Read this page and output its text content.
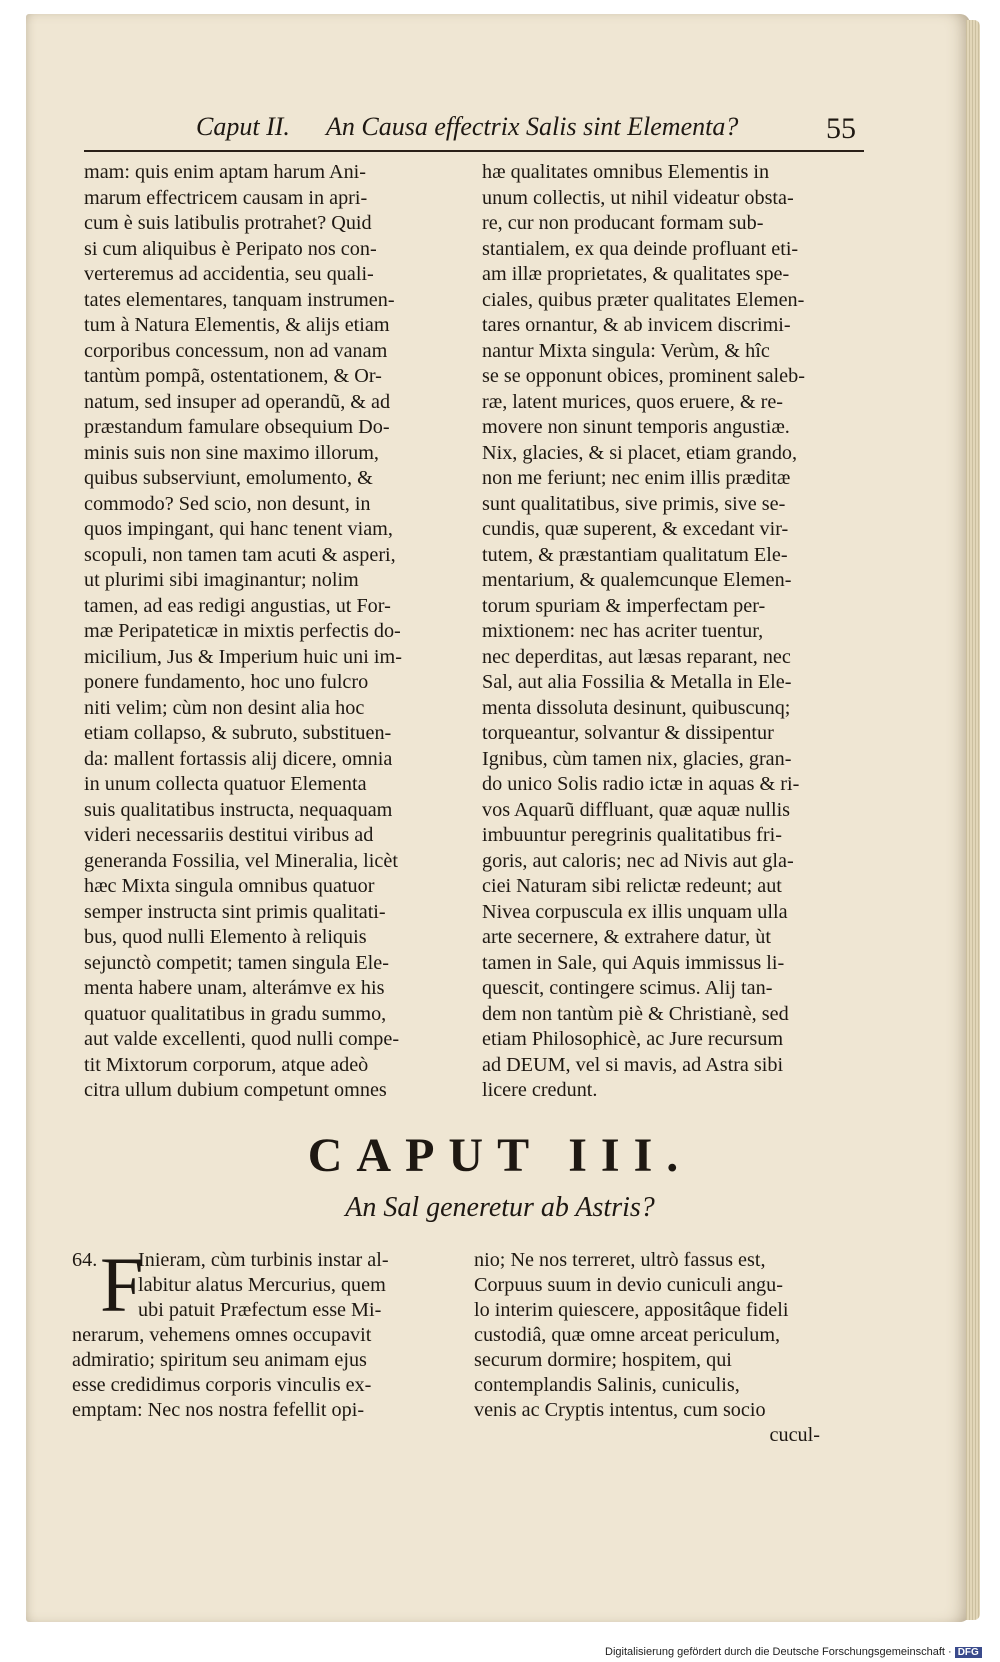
Caput II. An Causa effectrix Salis sint Elementa?	55
mam: quis enim aptam harum Ani-
marum effectricem causam in apri-
cum è suis latibulis protrahet? Quid
si cum aliquibus è Peripato nos con-
verteremus ad accidentia, seu quali-
tates elementares, tanquam instrumen-
tum à Natura Elementis, & alijs etiam
corporibus concessum, non ad vanam
tantùm pompã, ostentationem, & Or-
natum, sed insuper ad operandũ, & ad
præstandum famulare obsequium Do-
minis suis non sine maximo illorum,
quibus subserviunt, emolumento, &
commodo? Sed scio, non desunt, in
quos impingant, qui hanc tenent viam,
scopuli, non tamen tam acuti & asperi,
ut plurimi sibi imaginantur; nolim
tamen, ad eas redigi angustias, ut For-
mæ Peripateticæ in mixtis perfectis do-
micilium, Jus & Imperium huic uni im-
ponere fundamento, hoc uno fulcro
niti velim; cùm non desint alia hoc
etiam collapso, & subruto, substituen-
da: mallent fortassis alij dicere, omnia
in unum collecta quatuor Elementa
suis qualitatibus instructa, nequaquam
videri necessariis destitui viribus ad
generanda Fossilia, vel Mineralia, licèt
hæc Mixta singula omnibus quatuor
semper instructa sint primis qualitati-
bus, quod nulli Elemento à reliquis
sejunctò competit; tamen singula Ele-
menta habere unam, alterámve ex his
quatuor qualitatibus in gradu summo,
aut valde excellenti, quod nulli compe-
tit Mixtorum corporum, atque adeò
citra ullum dubium competunt omnes
hæ qualitates omnibus Elementis in
unum collectis, ut nihil videatur obsta-
re, cur non producant formam sub-
stantialem, ex qua deinde profluant eti-
am illæ proprietates, & qualitates spe-
ciales, quibus præter qualitates Elemen-
tares ornantur, & ab invicem discrimi-
nantur Mixta singula: Verùm, & hîc
se se opponunt obices, prominent saleb-
ræ, latent murices, quos eruere, & re-
movere non sinunt temporis angustiæ.
Nix, glacies, & si placet, etiam grando,
non me feriunt; nec enim illis præditæ
sunt qualitatibus, sive primis, sive se-
cundis, quæ superent, & excedant vir-
tutem, & præstantiam qualitatum Ele-
mentarium, & qualemcunque Elemen-
torum spuriam & imperfectam per-
mixtionem: nec has acriter tuentur,
nec deperditas, aut læsas reparant, nec
Sal, aut alia Fossilia & Metalla in Ele-
menta dissoluta desinunt, quibuscunq;
torqueantur, solvantur & dissipentur
Ignibus, cùm tamen nix, glacies, gran-
do unico Solis radio ictæ in aquas & ri-
vos Aquarũ diffluant, quæ aquæ nullis
imbuuntur peregrinis qualitatibus fri-
goris, aut caloris; nec ad Nivis aut gla-
ciei Naturam sibi relictæ redeunt; aut
Nivea corpuscula ex illis unquam ulla
arte secernere, & extrahere datur, ùt
tamen in Sale, qui Aquis immissus li-
quescit, contingere scimus. Alij tan-
dem non tantùm piè & Christianè, sed
etiam Philosophicè, ac Jure recursum
ad DEUM, vel si mavis, ad Astra sibi
licere credunt.
CAPUT III.
An Sal generetur ab Astris?
64. Inieram, cùm turbinis instar al-
labitur alatus Mercurius, quem
ubi patuit Præfectum esse Mi-
nerarum, vehemens omnes occupavit
admiratio; spiritum seu animam ejus
esse credidimus corporis vinculis ex-
emptam: Nec nos nostra fefellit opi-
F	nio; Ne nos terreret, ultrò fassus est,
Corpuus suum in devio cuniculi angu-
lo interim quiescere, appositâque fideli
custodiâ, quæ omne arceat periculum,
securum dormire; hospitem, qui
contemplandis Salinis, cuniculis,
venis ac Cryptis intentus, cum socio
cucul-
Digitalisierung gefördert durch die Deutsche Forschungsgemeinschaft · DFG
